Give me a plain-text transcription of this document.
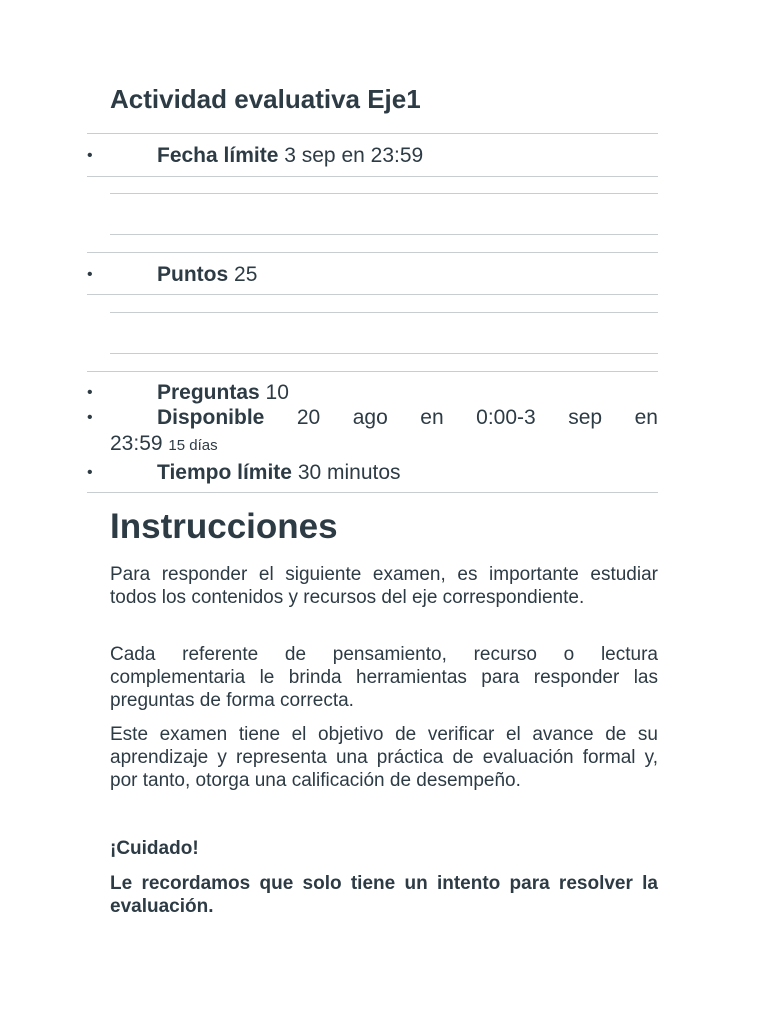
Actividad evaluativa Eje1
•	Fecha límite 3 sep en 23:59
•	Puntos 25
•	Preguntas 10
•	Disponible 20 ago en 0:00-3 sep en
23:59 15 días
•	Tiempo límite 30 minutos
Instrucciones

Para responder el siguiente examen, es importante estudiar todos los contenidos y recursos del eje correspondiente.

Cada referente de pensamiento, recurso o lectura complementaria le brinda herramientas para responder las preguntas de forma correcta.

Este examen tiene el objetivo de verificar el avance de su aprendizaje y representa una práctica de evaluación formal y, por tanto, otorga una calificación de desempeño.

¡Cuidado!

Le recordamos que solo tiene un intento para resolver la evaluación.
